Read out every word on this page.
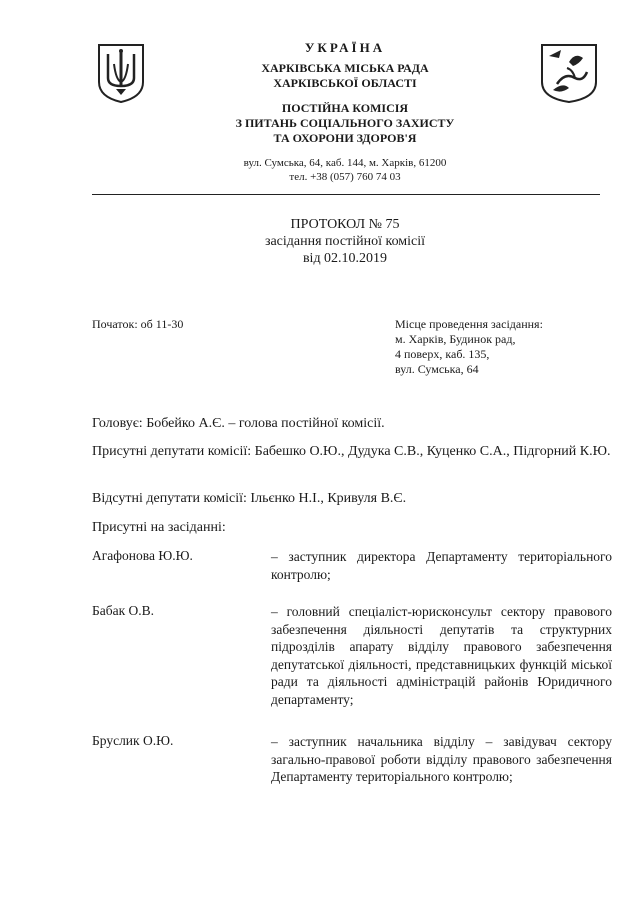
УКРАЇНА
ХАРКІВСЬКА МІСЬКА РАДА
ХАРКІВСЬКОЇ ОБЛАСТІ
ПОСТІЙНА КОМІСІЯ
З ПИТАНЬ СОЦІАЛЬНОГО ЗАХИСТУ
ТА ОХОРОНИ ЗДОРОВ'Я
вул. Сумська, 64, каб. 144, м. Харків, 61200
тел. +38 (057) 760 74 03
ПРОТОКОЛ № 75
засідання постійної комісії
від 02.10.2019
Початок: об 11-30	Місце проведення засідання:
м. Харків, Будинок рад,
4 поверх, каб. 135,
вул. Сумська, 64
Головує: Бобейко А.Є. – голова постійної комісії.
Присутні депутати комісії: Бабешко О.Ю., Дудука С.В., Куценко С.А., Підгорний К.Ю.
Відсутні депутати комісії: Ільєнко Н.І., Кривуля В.Є.
Присутні на засіданні:
Агафонова Ю.Ю.	– заступник директора Департаменту територіального контролю;
Бабак О.В.	– головний спеціаліст-юрисконсульт сектору правового забезпечення діяльності депутатів та структурних підрозділів апарату відділу правового забезпечення депутатської діяльності, представницьких функцій міської ради та діяльності адміністрацій районів Юридичного департаменту;
Бруслик О.Ю.	– заступник начальника відділу – завідувач сектору загально-правової роботи відділу правового забезпечення Департаменту територіального контролю;
